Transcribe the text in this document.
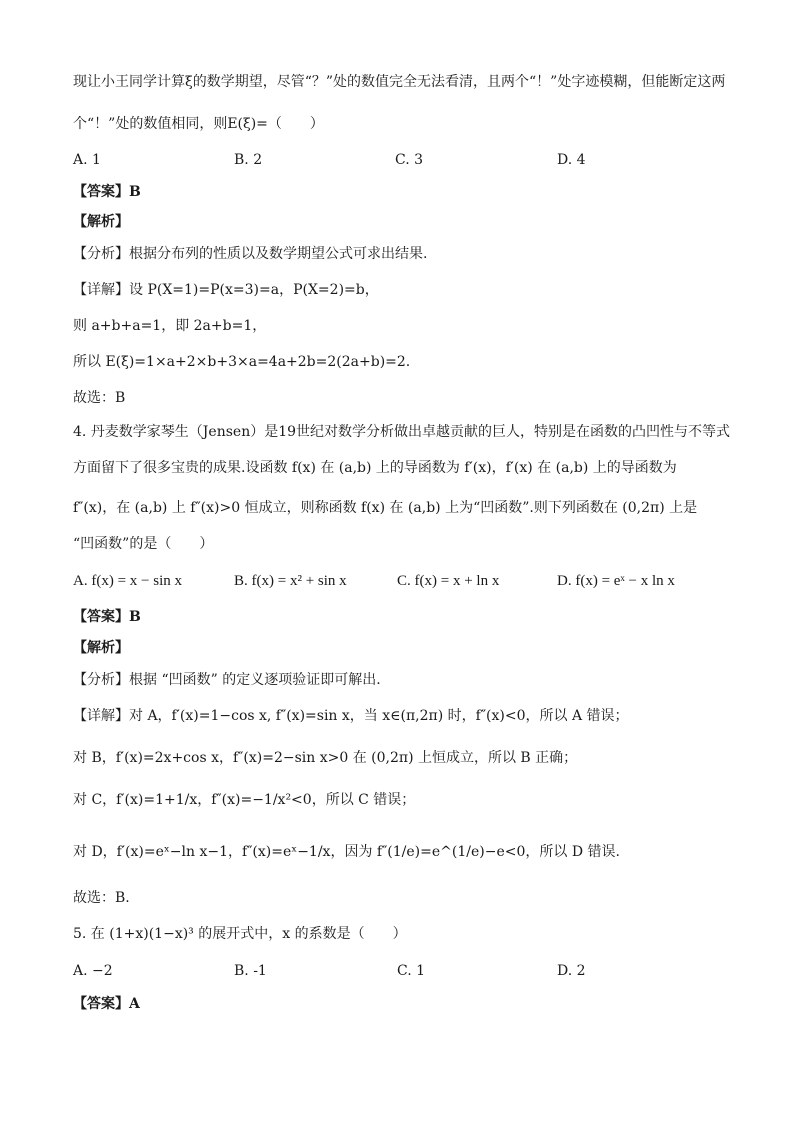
现让小王同学计算ξ的数学期望，尽管“？”处的数值完全无法看清，且两个“！”处字迹模糊，但能断定这两
个“！”处的数值相同，则E(ξ)=（　　）
A. 1	B. 2	C. 3	D. 4
【答案】B
【解析】
【分析】根据分布列的性质以及数学期望公式可求出结果.
【详解】设 P(X=1)=P(x=3)=a，P(X=2)=b，
则 a+b+a=1，即 2a+b=1，
所以 E(ξ)=1×a+2×b+3×a=4a+2b=2(2a+b)=2.
故选：B
4. 丹麦数学家琴生（Jensen）是19世纪对数学分析做出卓越贡献的巨人，特别是在函数的凸凹性与不等式
方面留下了很多宝贵的成果.设函数 f(x) 在 (a,b) 上的导函数为 f′(x)，f′(x) 在 (a,b) 上的导函数为
f″(x)，在 (a,b) 上 f″(x)>0 恒成立，则称函数 f(x) 在 (a,b) 上为“凹函数”.则下列函数在 (0,2π) 上是
“凹函数”的是（　　）
A. f(x) = x − sin x	B. f(x) = x² + sin x	C. f(x) = x + ln x	D. f(x) = eˣ − x ln x
【答案】B
【解析】
【分析】根据 “凹函数” 的定义逐项验证即可解出.
【详解】对 A，f′(x)=1−cos x, f″(x)=sin x，当 x∈(π,2π) 时，f″(x)<0，所以 A 错误；
对 B，f′(x)=2x+cos x，f″(x)=2−sin x>0 在 (0,2π) 上恒成立，所以 B 正确；
对 C，f′(x)=1+1/x，f″(x)=−1/x²<0，所以 C 错误；
对 D，f′(x)=eˣ−ln x−1，f″(x)=eˣ−1/x，因为 f″(1/e)=e^(1/e)−e<0，所以 D 错误.
故选：B.
5. 在 (1+x)(1−x)³ 的展开式中，x 的系数是（　　）
A. −2	B. -1	C. 1	D. 2
【答案】A
